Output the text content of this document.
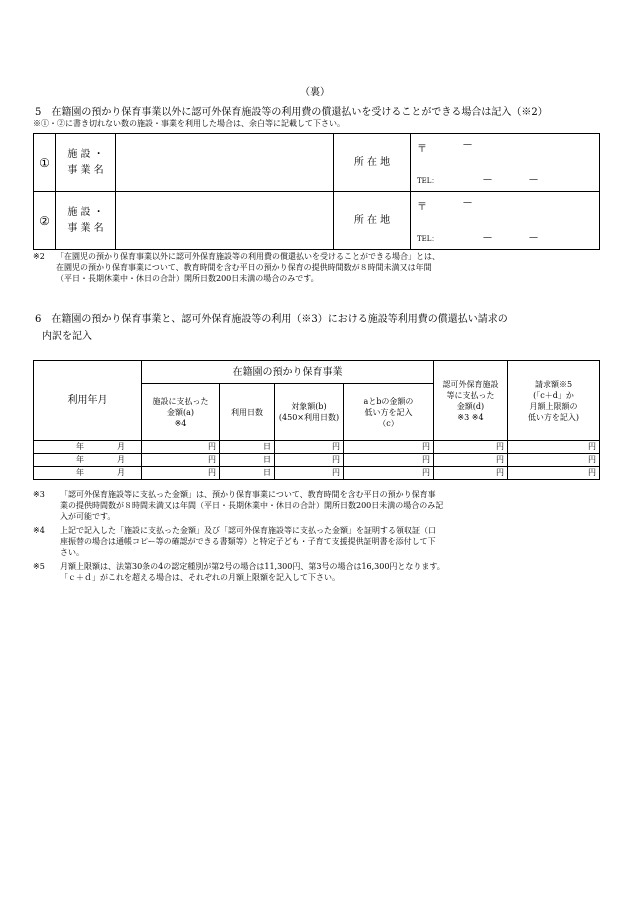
（裏）
5　在籍園の預かり保育事業以外に認可外保育施設等の利用費の償還払いを受けることができる場合は記入（※2）
※①・②に書き切れない数の施設・事業を利用した場合は、余白等に記載して下さい。
①	施 設 ・
事 業 名		所 在 地	〒 —
TEL： — —

②	施 設 ・
事 業 名		所 在 地	〒 —
TEL： — —
※2 「在園児の預かり保育事業以外に認可外保育施設等の利用費の償還払いを受けることができる場合」とは、
在園児の預かり保育事業について、教育時間を含む平日の預かり保育の提供時間数が８時間未満又は年間
（平日・長期休業中・休日の合計）開所日数200日未満の場合のみです。
6　在籍園の預かり保育事業と、認可外保育施設等の利用（※3）における施設等利用費の償還払い請求の
内訳を記入
利用年月	在籍園の預かり保育事業				認可外保育施設
等に支払った
金額(d)
※3 ※4	請求額※5
(「c＋d」か
月額上限額の
低い方を記入)
	施設に支払った
金額(a)
※4	利用日数	対象額(b)
(450×利用日数)	aとbの金額の
低い方を記入
（c）		

年 月	円	日	円	円	円	円

年 月	円	日	円	円	円	円

年 月	円	日	円	円	円	円
※3 「認可外保育施設等に支払った金額」は、預かり保育事業について、教育時間を含む平日の預かり保育事
業の提供時間数が８時間未満又は年間（平日・長期休業中・休日の合計）開所日数200日未満の場合のみ記
入が可能です。
※4 上記で記入した「施設に支払った金額」及び「認可外保育施設等に支払った金額」を証明する領収証（口
座振替の場合は通帳コピー等の確認ができる書類等）と特定子ども・子育て支援提供証明書を添付して下
さい。
※5 月額上限額は、法第30条の4の認定種別が第2号の場合は11,300円、第3号の場合は16,300円となります。
「ｃ＋ｄ」がこれを超える場合は、それぞれの月額上限額を記入して下さい。
